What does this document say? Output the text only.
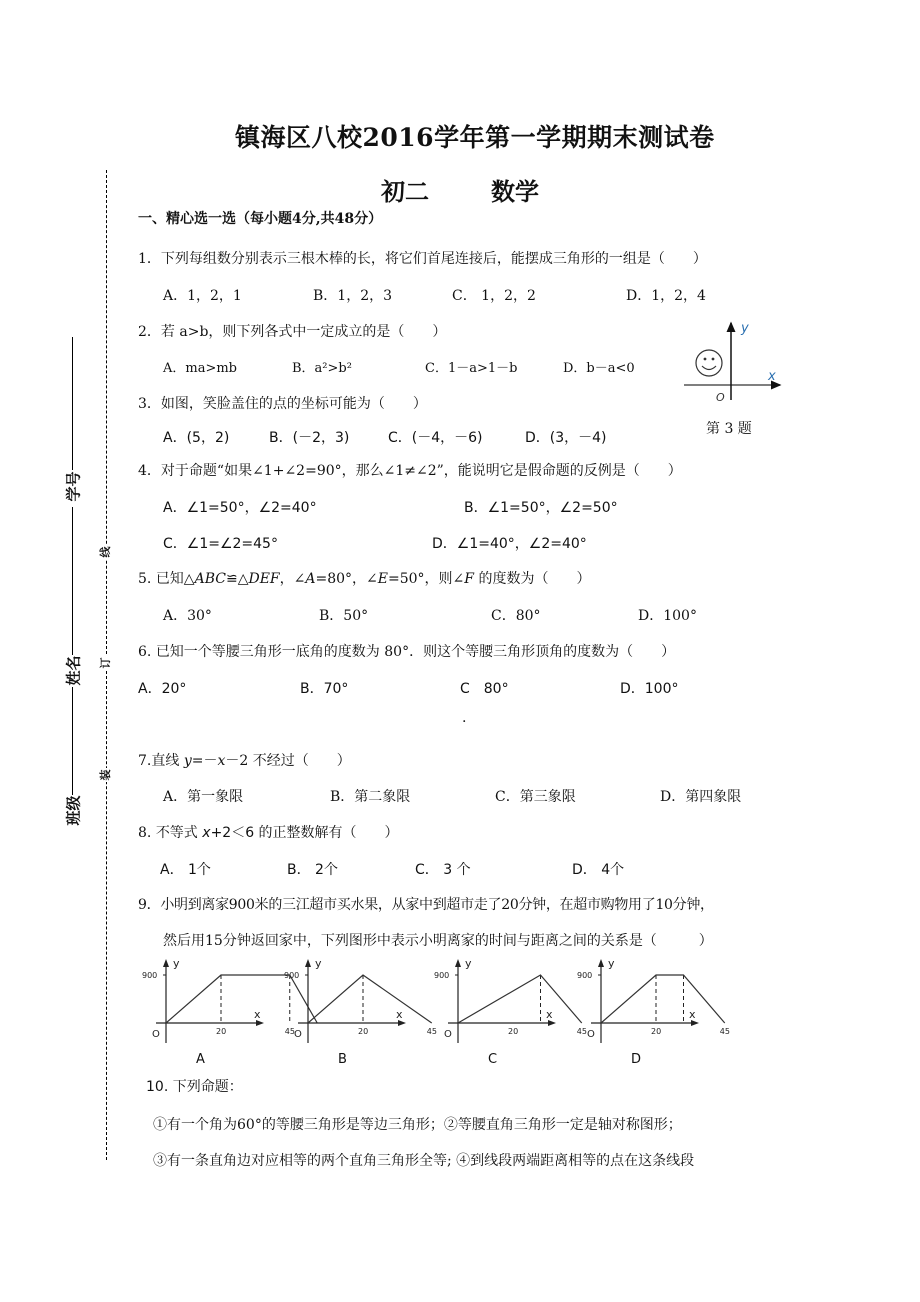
线
订
装
学号
姓名
班级
镇海区八校2016学年第一学期期末测试卷
初二	数学
一、精心选一选（每小题4分,共48分）
1．下列每组数分别表示三根木棒的长，将它们首尾连接后，能摆成三角形的一组是（　　）
A．1，2，1	B．1，2，3	C． 1，2，2	D．1，2，4
2．若 a>b，则下列各式中一定成立的是（　　）
A．ma>mb	B．a²>b²	C．1－a>1－b	D．b－a<0
y
x
O
第 3 题
3．如图，笑脸盖住的点的坐标可能为（　　）
A．(5，2)	B．(－2，3)	C．(－4，－6)	D．(3，－4)
4．对于命题“如果∠1+∠2=90°，那么∠1≠∠2”，能说明它是假命题的反例是（　　）
A．∠1=50°，∠2=40°	B．∠1=50°，∠2=50°
C．∠1=∠2=45°	D．∠1=40°，∠2=40°
5. 已知△ABC≌△DEF，∠A=80°，∠E=50°，则∠F 的度数为（　　）
A．30°	B．50°	C．80°	D．100°
6. 已知一个等腰三角形一底角的度数为 80°．则这个等腰三角形顶角的度数为（　　）
A．20°	B．70°	C　80°	D．100°
.
7.直线 y=－x－2 不经过（　　）
A．第一象限	B．第二象限	C．第三象限	D．第四象限
8. 不等式 x+2＜6 的正整数解有（　　）
A． 1个	B． 2个	C． 3 个	D． 4个
9．小明到离家900米的三江超市买水果，从家中到超市走了20分钟，在超市购物用了10分钟，
然后用15分钟返回家中，下列图形中表示小明离家的时间与距离之间的关系是（　　　）
y
x
900
O	20	45
A
y
x
900
O	20	45
B
y
x
900
O	20	45
C
y
x
900
O	20	45
D
10. 下列命题：
①有一个角为60°的等腰三角形是等边三角形；②等腰直角三角形一定是轴对称图形；
③有一条直角边对应相等的两个直角三角形全等; ④到线段两端距离相等的点在这条线段
